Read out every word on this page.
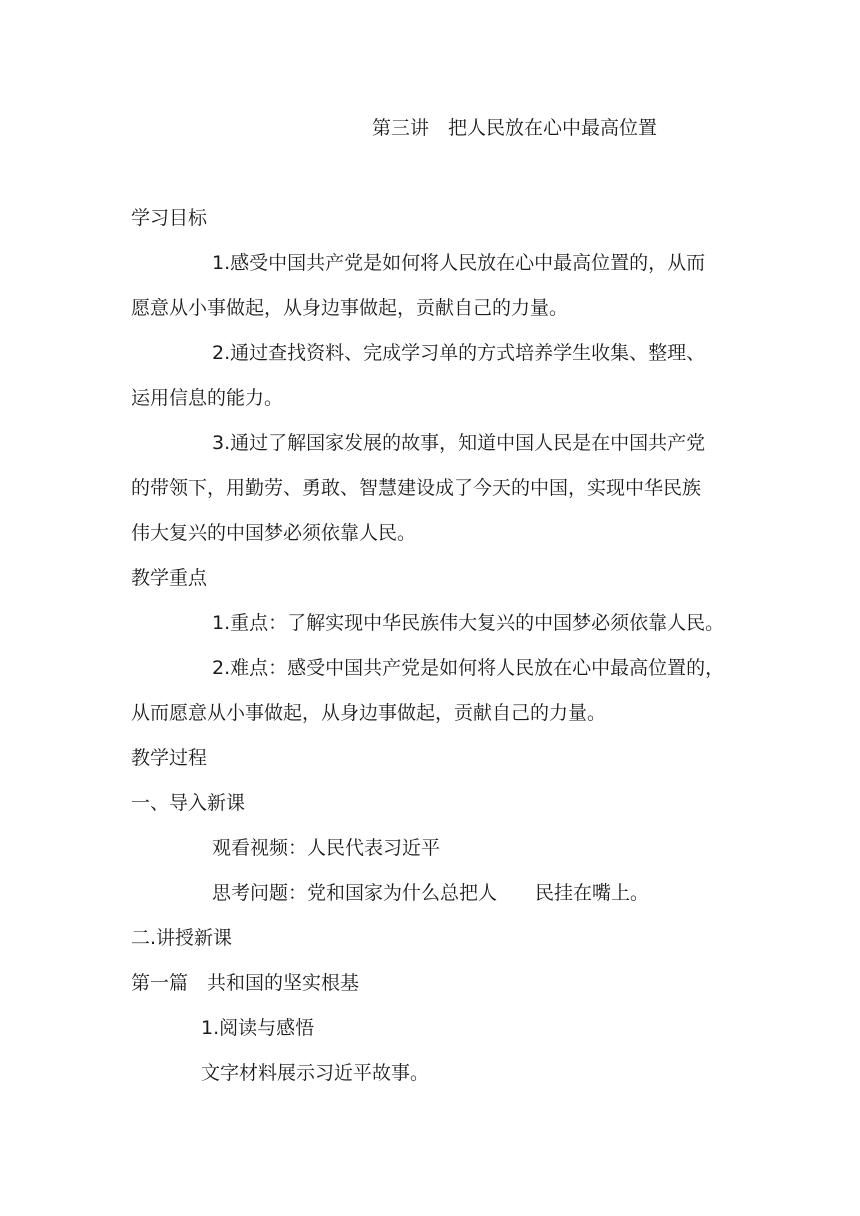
第三讲　把人民放在心中最高位置

学习目标

1.感受中国共产党是如何将人民放在心中最高位置的，从而

愿意从小事做起，从身边事做起，贡献自己的力量。

2.通过查找资料、完成学习单的方式培养学生收集、整理、

运用信息的能力。

3.通过了解国家发展的故事，知道中国人民是在中国共产党

的带领下，用勤劳、勇敢、智慧建设成了今天的中国，实现中华民族

伟大复兴的中国梦必须依靠人民。

教学重点

1.重点：了解实现中华民族伟大复兴的中国梦必须依靠人民。

2.难点：感受中国共产党是如何将人民放在心中最高位置的，

从而愿意从小事做起，从身边事做起，贡献自己的力量。

教学过程

一、导入新课

观看视频：人民代表习近平

思考问题：党和国家为什么总把人　　民挂在嘴上。

二.讲授新课

第一篇　共和国的坚实根基

1.阅读与感悟

文字材料展示习近平故事。
